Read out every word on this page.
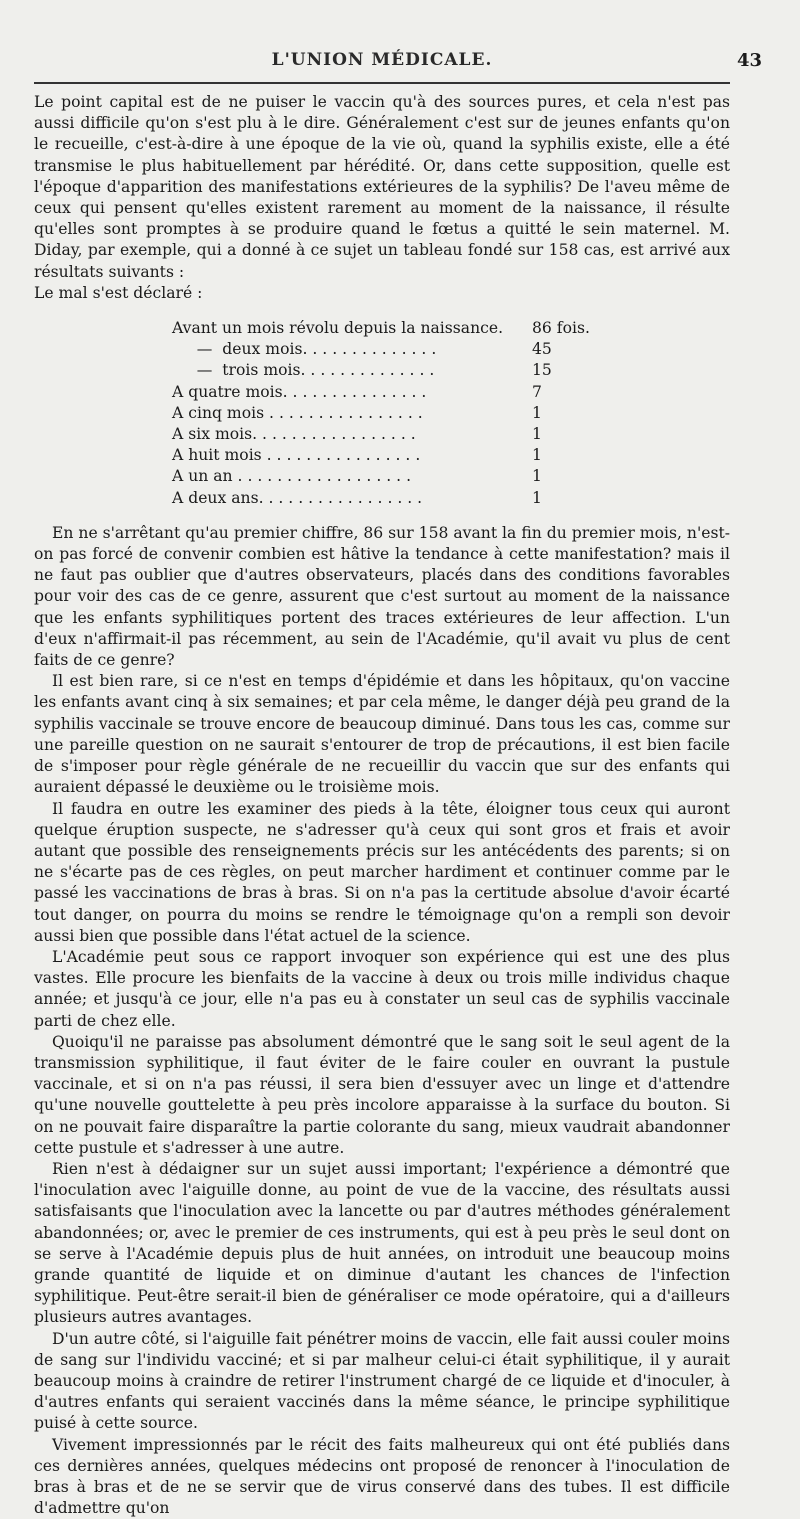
L'UNION MÉDICALE.	43

Le point capital est de ne puiser le vaccin qu'à des sources pures, et cela n'est pas aussi difficile qu'on s'est plu à le dire. Généralement c'est sur de jeunes enfants qu'on le recueille, c'est-à-dire à une époque de la vie où, quand la syphilis existe, elle a été transmise le plus habituellement par hérédité. Or, dans cette supposition, quelle est l'époque d'apparition des manifestations extérieures de la syphilis? De l'aveu même de ceux qui pensent qu'elles existent rarement au moment de la naissance, il résulte qu'elles sont promptes à se produire quand le fœtus a quitté le sein maternel. M. Diday, par exemple, qui a donné à ce sujet un tableau fondé sur 158 cas, est arrivé aux résultats suivants :

Le mal s'est déclaré :

Avant un mois révolu depuis la naissance. 86 fois.
—  deux mois. . . . . . . . . . . . . .	45
—  trois mois. . . . . . . . . . . . . .	15
A quatre mois. . . . . . . . . . . . . . .	7
A cinq mois . . . . . . . . . . . . . . . .	1
A six mois. . . . . . . . . . . . . . . . .	1
A huit mois . . . . . . . . . . . . . . . .	1
A un an . . . . . . . . . . . . . . . . . .	1
A deux ans. . . . . . . . . . . . . . . . .	1

En ne s'arrêtant qu'au premier chiffre, 86 sur 158 avant la fin du premier mois, n'est-on pas forcé de convenir combien est hâtive la tendance à cette manifestation? mais il ne faut pas oublier que d'autres observateurs, placés dans des conditions favorables pour voir des cas de ce genre, assurent que c'est surtout au moment de la naissance que les enfants syphilitiques portent des traces extérieures de leur affection. L'un d'eux n'affirmait-il pas récemment, au sein de l'Académie, qu'il avait vu plus de cent faits de ce genre?

Il est bien rare, si ce n'est en temps d'épidémie et dans les hôpitaux, qu'on vaccine les enfants avant cinq à six semaines; et par cela même, le danger déjà peu grand de la syphilis vaccinale se trouve encore de beaucoup diminué. Dans tous les cas, comme sur une pareille question on ne saurait s'entourer de trop de précautions, il est bien facile de s'imposer pour règle générale de ne recueillir du vaccin que sur des enfants qui auraient dépassé le deuxième ou le troisième mois.

Il faudra en outre les examiner des pieds à la tête, éloigner tous ceux qui auront quelque éruption suspecte, ne s'adresser qu'à ceux qui sont gros et frais et avoir autant que possible des renseignements précis sur les antécédents des parents; si on ne s'écarte pas de ces règles, on peut marcher hardiment et continuer comme par le passé les vaccinations de bras à bras. Si on n'a pas la certitude absolue d'avoir écarté tout danger, on pourra du moins se rendre le témoignage qu'on a rempli son devoir aussi bien que possible dans l'état actuel de la science.

L'Académie peut sous ce rapport invoquer son expérience qui est une des plus vastes. Elle procure les bienfaits de la vaccine à deux ou trois mille individus chaque année; et jusqu'à ce jour, elle n'a pas eu à constater un seul cas de syphilis vaccinale parti de chez elle.

Quoiqu'il ne paraisse pas absolument démontré que le sang soit le seul agent de la transmission syphilitique, il faut éviter de le faire couler en ouvrant la pustule vaccinale, et si on n'a pas réussi, il sera bien d'essuyer avec un linge et d'attendre qu'une nouvelle gouttelette à peu près incolore apparaisse à la surface du bouton. Si on ne pouvait faire disparaître la partie colorante du sang, mieux vaudrait abandonner cette pustule et s'adresser à une autre.

Rien n'est à dédaigner sur un sujet aussi important; l'expérience a démontré que l'inoculation avec l'aiguille donne, au point de vue de la vaccine, des résultats aussi satisfaisants que l'inoculation avec la lancette ou par d'autres méthodes généralement abandonnées; or, avec le premier de ces instruments, qui est à peu près le seul dont on se serve à l'Académie depuis plus de huit années, on introduit une beaucoup moins grande quantité de liquide et on diminue d'autant les chances de l'infection syphilitique. Peut-être serait-il bien de généraliser ce mode opératoire, qui a d'ailleurs plusieurs autres avantages.

D'un autre côté, si l'aiguille fait pénétrer moins de vaccin, elle fait aussi couler moins de sang sur l'individu vacciné; et si par malheur celui-ci était syphilitique, il y aurait beaucoup moins à craindre de retirer l'instrument chargé de ce liquide et d'inoculer, à d'autres enfants qui seraient vaccinés dans la même séance, le principe syphilitique puisé à cette source.

Vivement impressionnés par le récit des faits malheureux qui ont été publiés dans ces dernières années, quelques médecins ont proposé de renoncer à l'inoculation de bras à bras et de ne se servir que de virus conservé dans des tubes. Il est difficile d'admettre qu'on
